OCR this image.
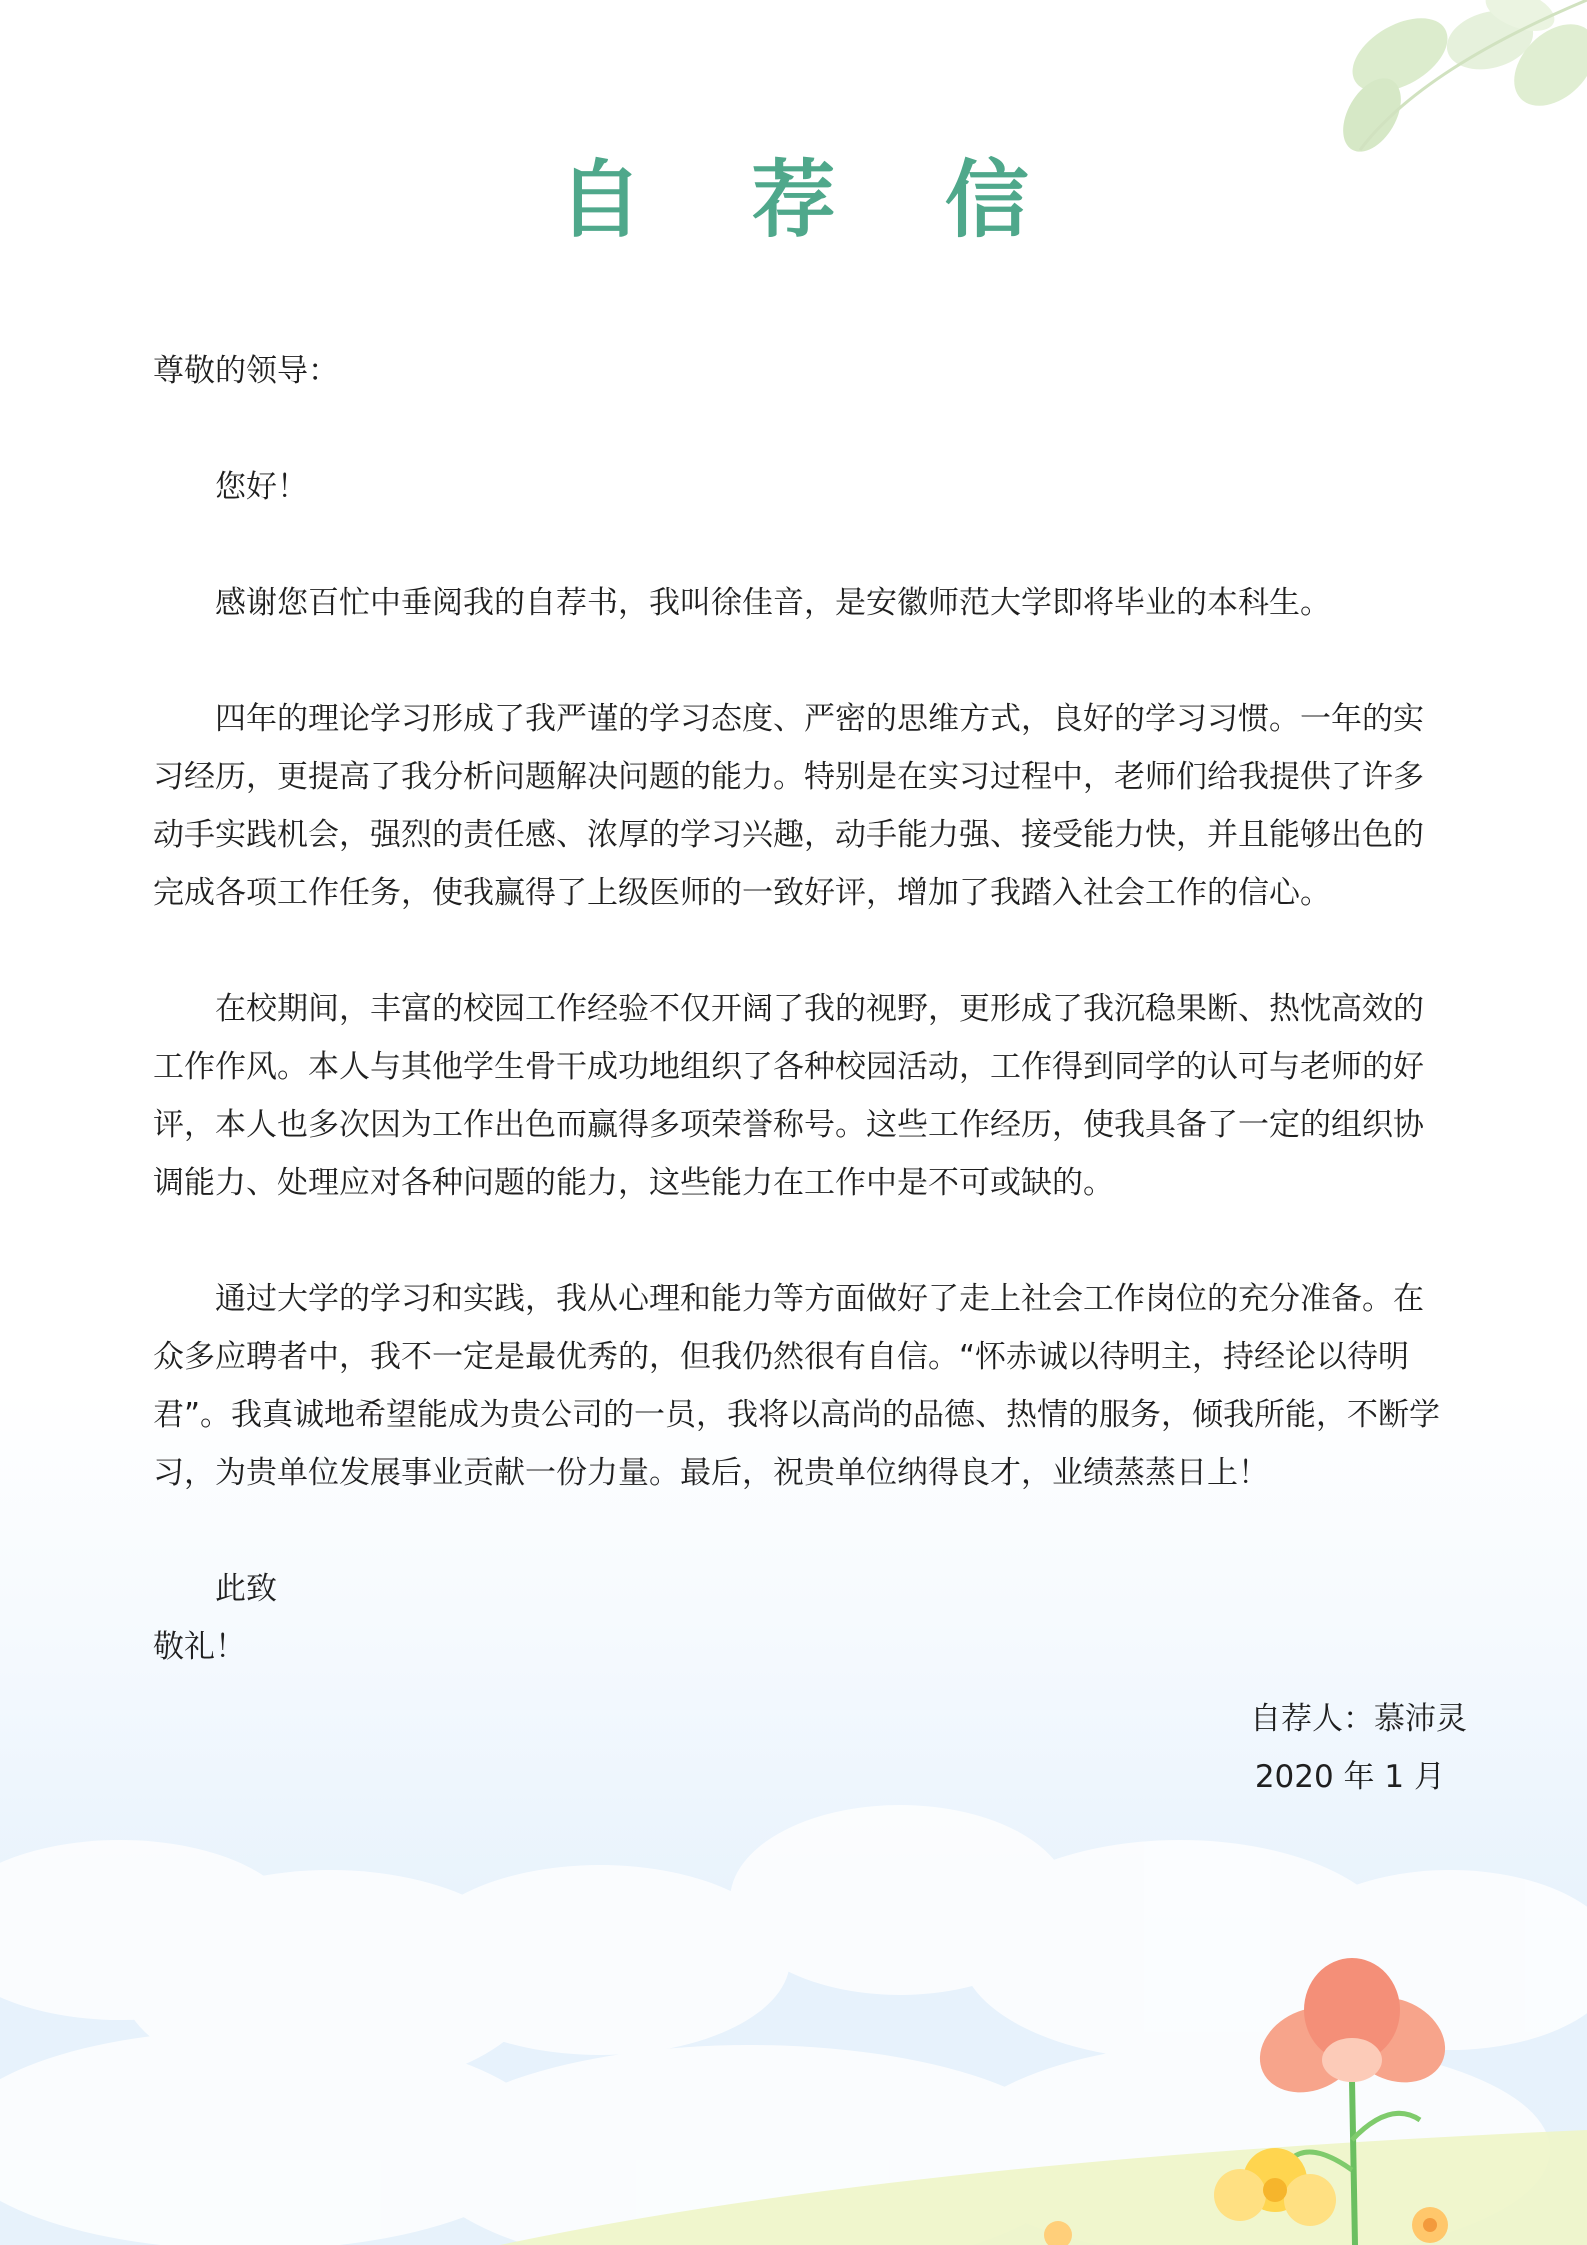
自 荐 信

尊敬的领导：

您好！

感谢您百忙中垂阅我的自荐书，我叫徐佳音，是安徽师范大学即将毕业的本科生。

四年的理论学习形成了我严谨的学习态度、严密的思维方式，良好的学习习惯。一年的实

习经历，更提高了我分析问题解决问题的能力。特别是在实习过程中，老师们给我提供了许多

动手实践机会，强烈的责任感、浓厚的学习兴趣，动手能力强、接受能力快，并且能够出色的

完成各项工作任务，使我赢得了上级医师的一致好评，增加了我踏入社会工作的信心。

在校期间，丰富的校园工作经验不仅开阔了我的视野，更形成了我沉稳果断、热忱高效的

工作作风。本人与其他学生骨干成功地组织了各种校园活动，工作得到同学的认可与老师的好

评，本人也多次因为工作出色而赢得多项荣誉称号。这些工作经历，使我具备了一定的组织协

调能力、处理应对各种问题的能力，这些能力在工作中是不可或缺的。

通过大学的学习和实践，我从心理和能力等方面做好了走上社会工作岗位的充分准备。在

众多应聘者中，我不一定是最优秀的，但我仍然很有自信。“怀赤诚以待明主，持经论以待明

君”。我真诚地希望能成为贵公司的一员，我将以高尚的品德、热情的服务，倾我所能，不断学

习，为贵单位发展事业贡献一份力量。最后，祝贵单位纳得良才，业绩蒸蒸日上！

此致

敬礼！

自荐人：慕沛灵
2020 年 1 月
